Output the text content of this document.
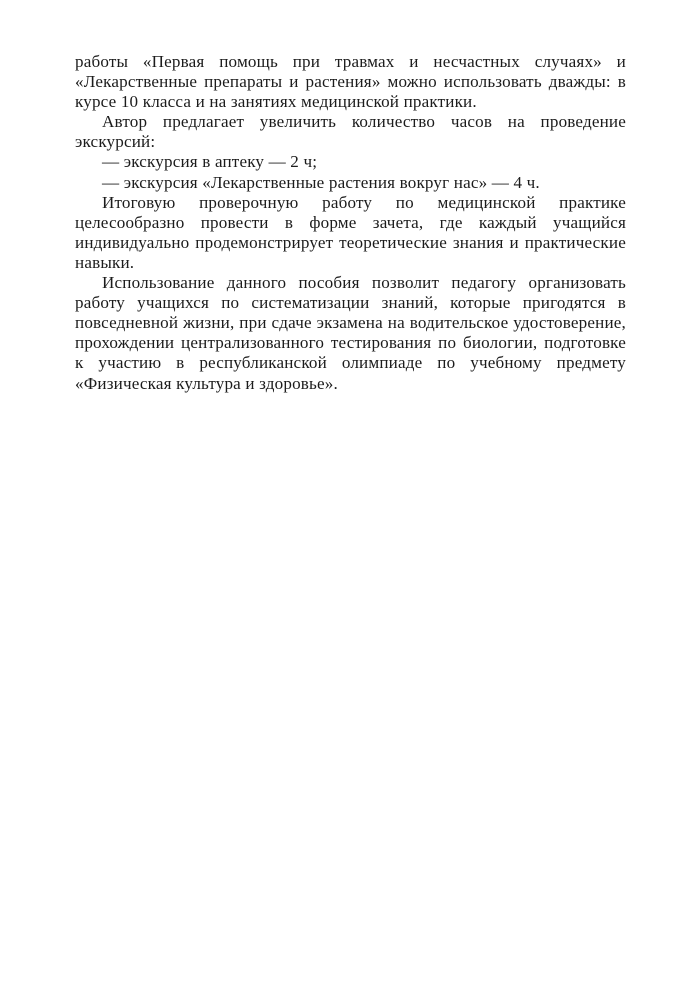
работы «Первая помощь при травмах и несчастных случаях» и «Лекарственные препараты и растения» можно использовать дважды: в курсе 10 класса и на занятиях медицинской практики.

Автор предлагает увеличить количество часов на проведение экскурсий:

— экскурсия в аптеку — 2 ч;
— экскурсия «Лекарственные растения вокруг нас» — 4 ч.

Итоговую проверочную работу по медицинской практике целесообразно провести в форме зачета, где каждый учащийся индивидуально продемонстрирует теоретические знания и практические навыки.

Использование данного пособия позволит педагогу организовать работу учащихся по систематизации знаний, которые пригодятся в повседневной жизни, при сдаче экзамена на водительское удостоверение, прохождении централизованного тестирования по биологии, подготовке к участию в республиканской олимпиаде по учебному предмету «Физическая культура и здоровье».
